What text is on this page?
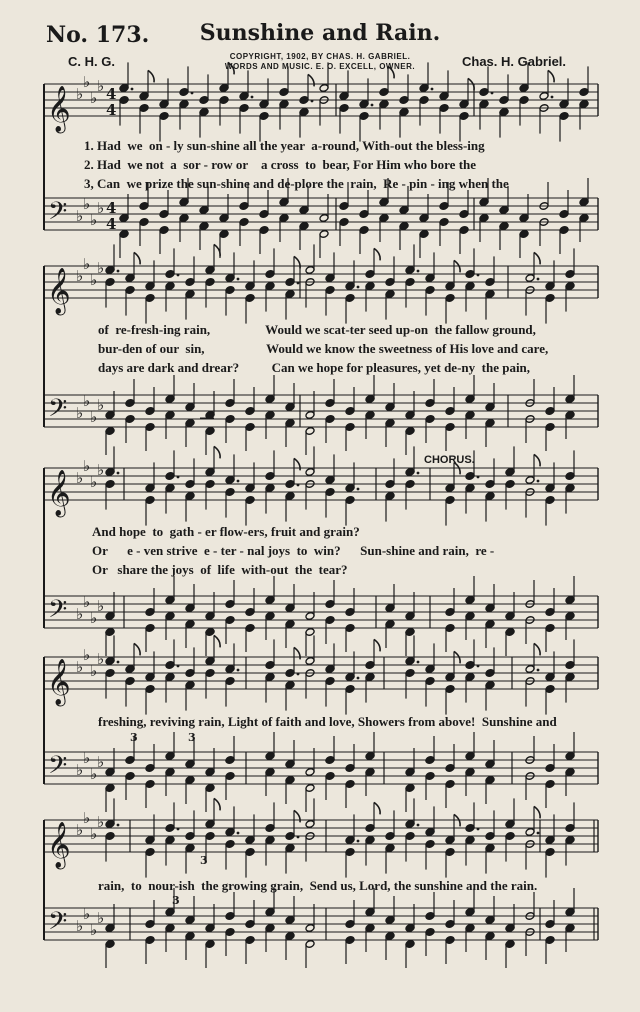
No. 173.	Sunshine and Rain.
COPYRIGHT, 1902, BY CHAS. H. GABRIEL.
WORDS AND MUSIC. E. O. EXCELL, OWNER.
C. H. G.	Chas. H. Gabriel.
𝄞
𝄢
♭
♭
♭
♭
♭
♭
♭
♭
4
4
4
4
𝄞
𝄢
♭
♭
♭
♭
♭
♭
♭
♭
𝄞
𝄢
♭
♭
♭
♭
♭
♭
♭
♭
𝄞
𝄢
♭
♭
♭
♭
♭
♭
♭
♭
𝄞
𝄢
♭
♭
♭
♭
♭
♭
♭
♭
3	3
3
3
1. Had  we  on - ly sun-shine all the year  a-round, With-out the bless-ing
2. Had  we not  a  sor - row or    a cross  to  bear, For Him who bore the
3, Can  we prize the sun-shine and de-plore the  rain,  Re - pin - ing when the
of  re-fresh-ing rain,                 Would we scat-ter seed up-on  the fallow ground,
bur-den of our  sin,                   Would we know the sweetness of His love and care,
days are dark and drear?          Can we hope for pleasures, yet de-ny  the pain,
CHORUS.
And hope  to  gath - er flow-ers, fruit and grain?
Or      e - ven strive  e - ter - nal joys  to  win?      Sun-shine and rain,  re -
Or   share the joys  of  life  with-out  the  tear?
freshing, reviving rain, Light of faith and love, Showers from above!  Sunshine and
rain,  to  nour-ish  the growing grain,  Send us, Lord, the sunshine and the rain.
